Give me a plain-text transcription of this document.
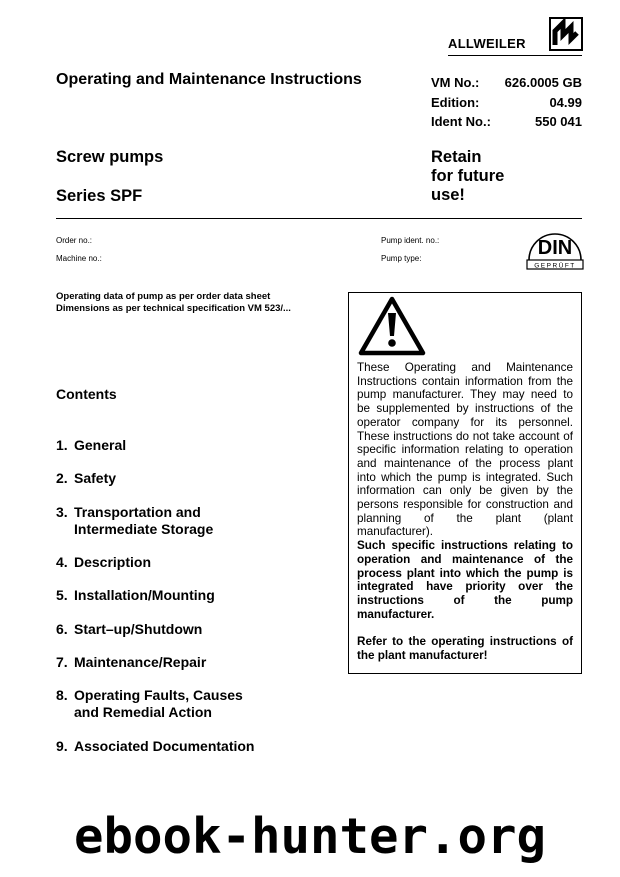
ALLWEILER
Operating and Maintenance Instructions	VM No.: 626.0005 GB
Edition:	04.99
Ident No.:	550 041
Screw pumps
Series SPF
Retain
for future
use!
Order no.:
Machine no.:
Pump ident. no.:
Pump type:	DIN
GEPRÜFT
Operating data of pump as per order data sheet
Dimensions as per technical specification VM 523/...

These Operating and Maintenance Instructions contain information from the pump manufacturer. They may need to be supplemented by instructions of the operator company for its personnel. These instructions do not take account of specific information relating to operation and maintenance of the process plant into which the pump is integrated. Such information can only be given by the persons responsible for construction and planning of the plant (plant manufacturer).

Such specific instructions relating to operation and maintenance of the process plant into which the pump is integrated have priority over the instructions of the pump manufacturer.

Refer to the operating instructions of the plant manufacturer!

Contents
1. General
2. Safety
3. Transportation and
Intermediate Storage
4. Description
5. Installation/Mounting
6. Start–up/Shutdown
7. Maintenance/Repair
8. Operating Faults, Causes
and Remedial Action
9. Associated Documentation
ebook-hunter.org
